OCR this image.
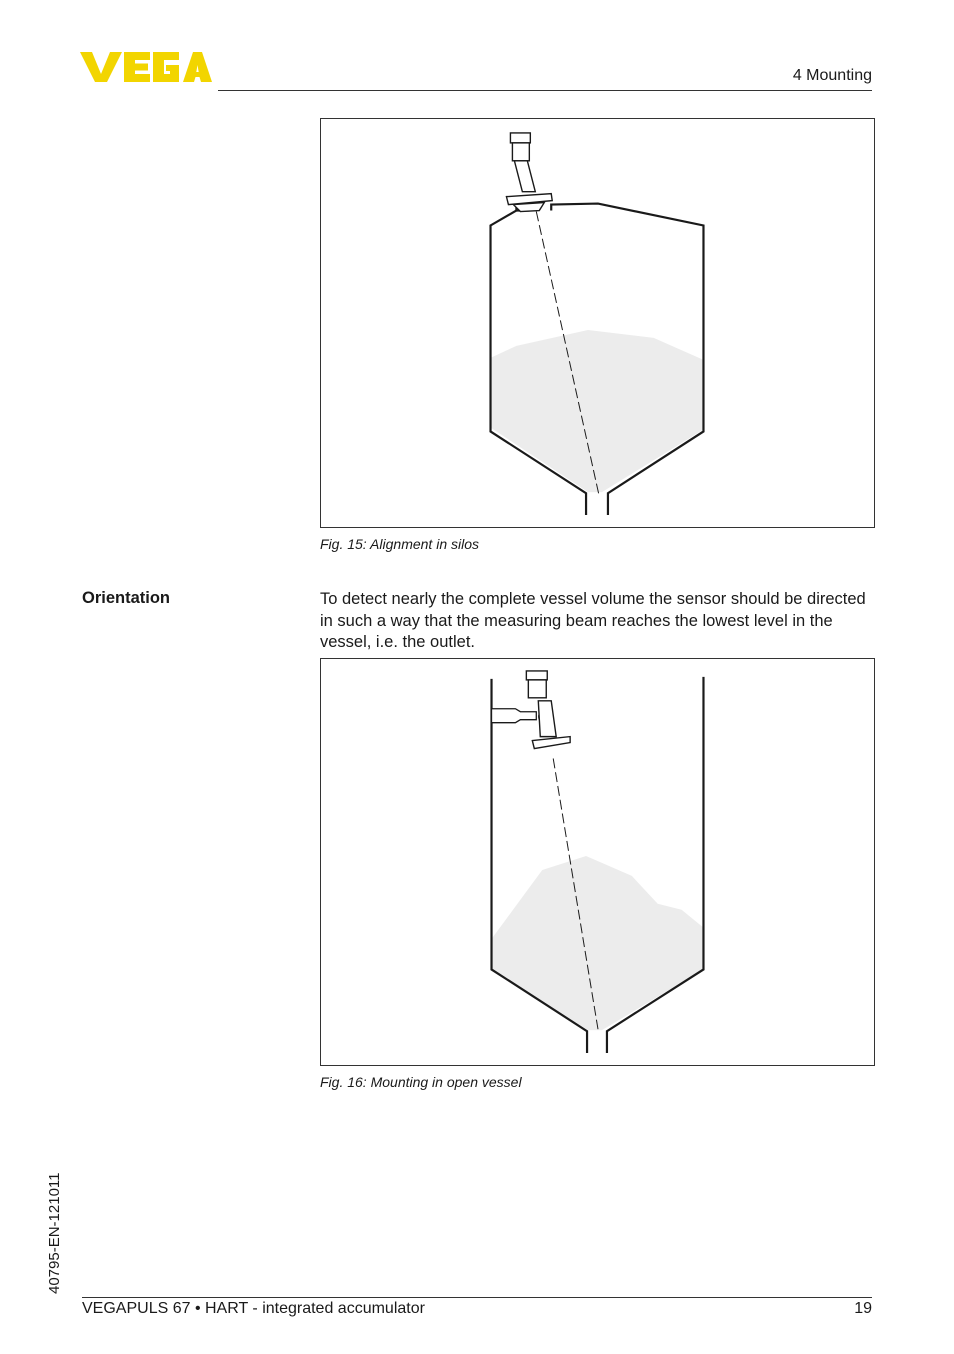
4 Mounting
Fig. 15: Alignment in silos
Orientation	To detect nearly the complete vessel volume the sensor should be directed in such a way that the measuring beam reaches the lowest level in the vessel, i.e. the outlet.
Fig. 16: Mounting in open vessel
40795-EN-121011
VEGAPULS 67 • HART - integrated accumulator	19
